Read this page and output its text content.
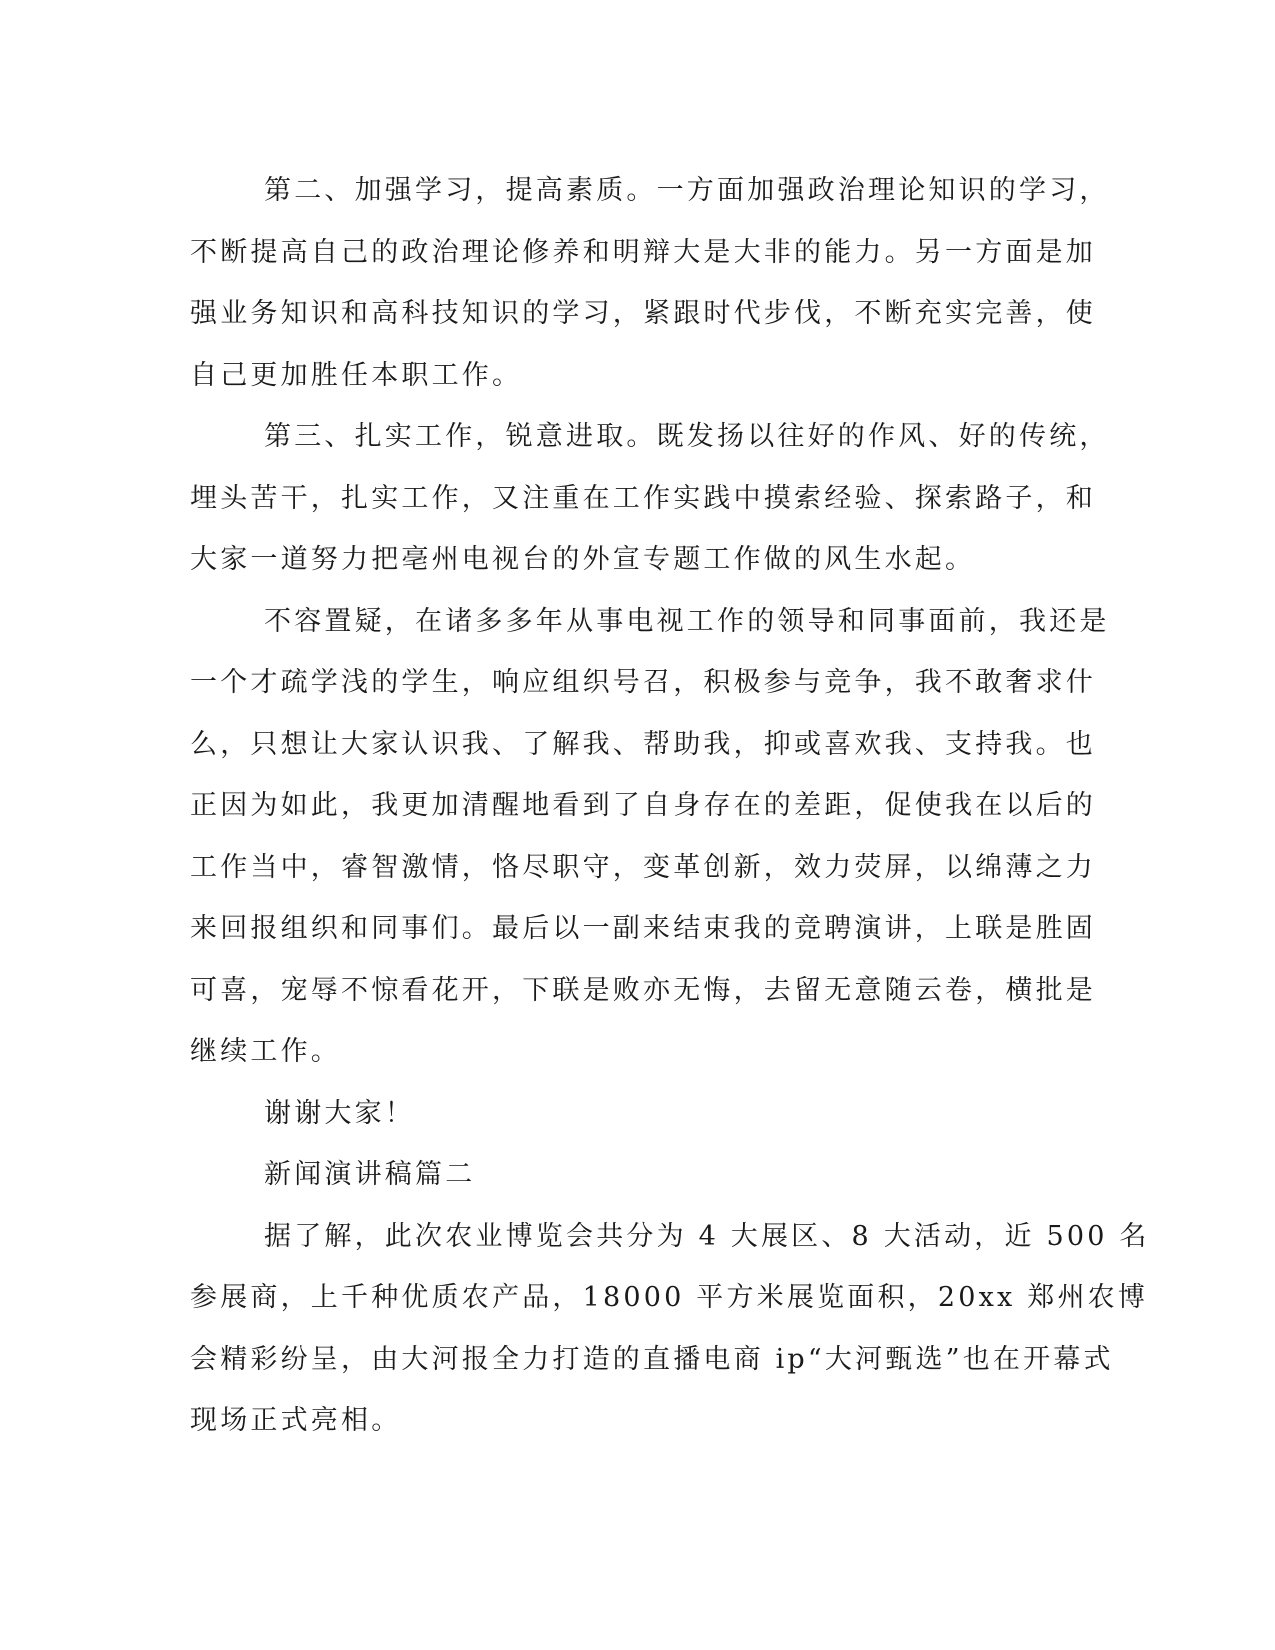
第二、加强学习，提高素质。一方面加强政治理论知识的学习，
不断提高自己的政治理论修养和明辩大是大非的能力。另一方面是加
强业务知识和高科技知识的学习，紧跟时代步伐，不断充实完善，使
自己更加胜任本职工作。
第三、扎实工作，锐意进取。既发扬以往好的作风、好的传统，
埋头苦干，扎实工作，又注重在工作实践中摸索经验、探索路子，和
大家一道努力把亳州电视台的外宣专题工作做的风生水起。
不容置疑，在诸多多年从事电视工作的领导和同事面前，我还是
一个才疏学浅的学生，响应组织号召，积极参与竞争，我不敢奢求什
么，只想让大家认识我、了解我、帮助我，抑或喜欢我、支持我。也
正因为如此，我更加清醒地看到了自身存在的差距，促使我在以后的
工作当中，睿智激情，恪尽职守，变革创新，效力荧屏，以绵薄之力
来回报组织和同事们。最后以一副来结束我的竞聘演讲，上联是胜固
可喜，宠辱不惊看花开，下联是败亦无悔，去留无意随云卷，横批是
继续工作。
谢谢大家！
新闻演讲稿篇二
据了解，此次农业博览会共分为 4 大展区、8 大活动，近 500 名
参展商，上千种优质农产品，18000 平方米展览面积，20xx 郑州农博
会精彩纷呈，由大河报全力打造的直播电商 ip“大河甄选”也在开幕式
现场正式亮相。
